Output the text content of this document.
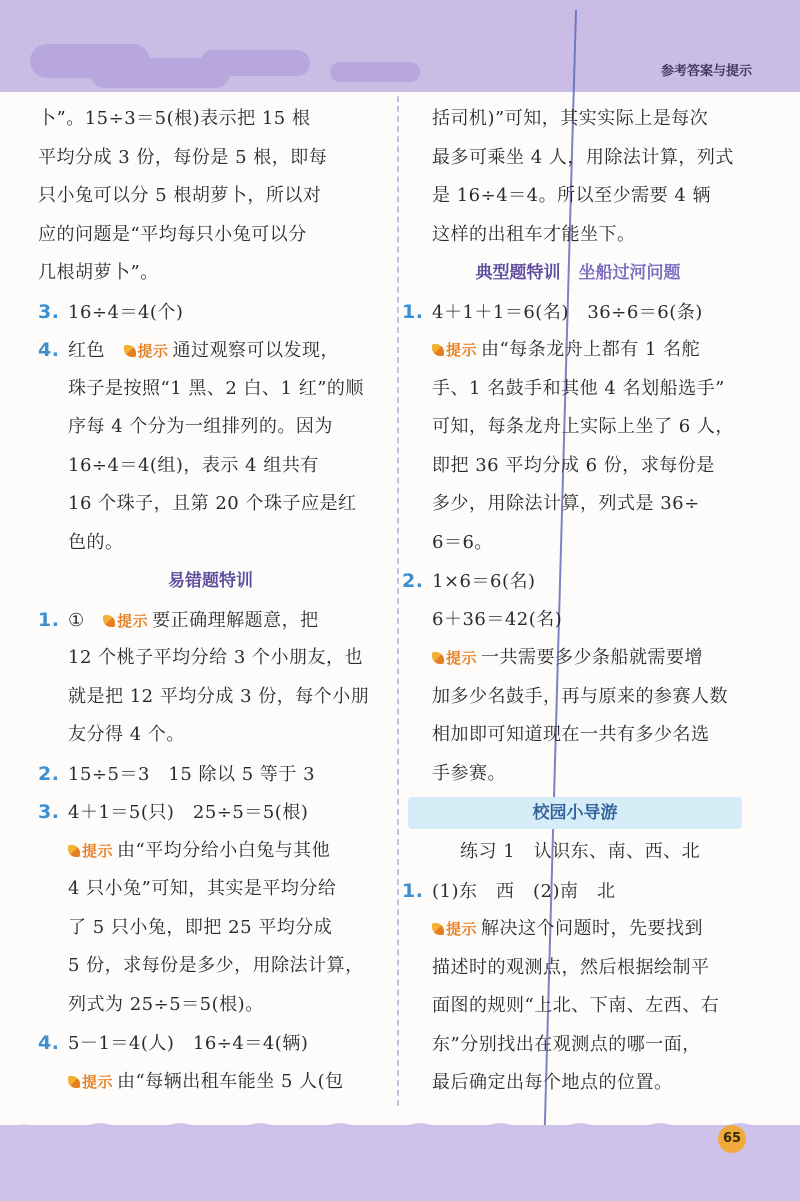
参考答案与提示
卜”。15÷3＝5(根)表示把 15 根
平均分成 3 份，每份是 5 根，即每
只小兔可以分 5 根胡萝卜，所以对
应的问题是“平均每只小兔可以分
几根胡萝卜”。
3. 16÷4＝4(个)
4. 红色　 提示 通过观察可以发现，
珠子是按照“1 黑、2 白、1 红”的顺
序每 4 个分为一组排列的。因为
16÷4＝4(组)，表示 4 组共有
16 个珠子，且第 20 个珠子应是红
色的。
易错题特训
1. ①　 提示 要正确理解题意，把
12 个桃子平均分给 3 个小朋友，也
就是把 12 平均分成 3 份，每个小朋
友分得 4 个。
2. 15÷5＝3　15 除以 5 等于 3
3. 4＋1＝5(只)　25÷5＝5(根)
提示 由“平均分给小白兔与其他
4 只小兔”可知，其实是平均分给
了 5 只小兔，即把 25 平均分成
5 份，求每份是多少，用除法计算，
列式为 25÷5＝5(根)。
4. 5－1＝4(人)　16÷4＝4(辆)
提示 由“每辆出租车能坐 5 人(包
括司机)”可知，其实实际上是每次
最多可乘坐 4 人，用除法计算，列式
是 16÷4＝4。所以至少需要 4 辆
这样的出租车才能坐下。
典型题特训 坐船过河问题
1. 4＋1＋1＝6(名)　36÷6＝6(条)
提示 由“每条龙舟上都有 1 名舵
手、1 名鼓手和其他 4 名划船选手”
可知，每条龙舟上实际上坐了 6 人，
即把 36 平均分成 6 份，求每份是
多少，用除法计算，列式是 36÷
6＝6。
2. 1×6＝6(名)
6＋36＝42(名)
提示 一共需要多少条船就需要增
加多少名鼓手，再与原来的参赛人数
相加即可知道现在一共有多少名选
手参赛。
校园小导游
练习 1　认识东、南、西、北
1. (1)东　西　(2)南　北
提示 解决这个问题时，先要找到
描述时的观测点，然后根据绘制平
面图的规则“上北、下南、左西、右
东”分别找出在观测点的哪一面，
最后确定出每个地点的位置。
65
